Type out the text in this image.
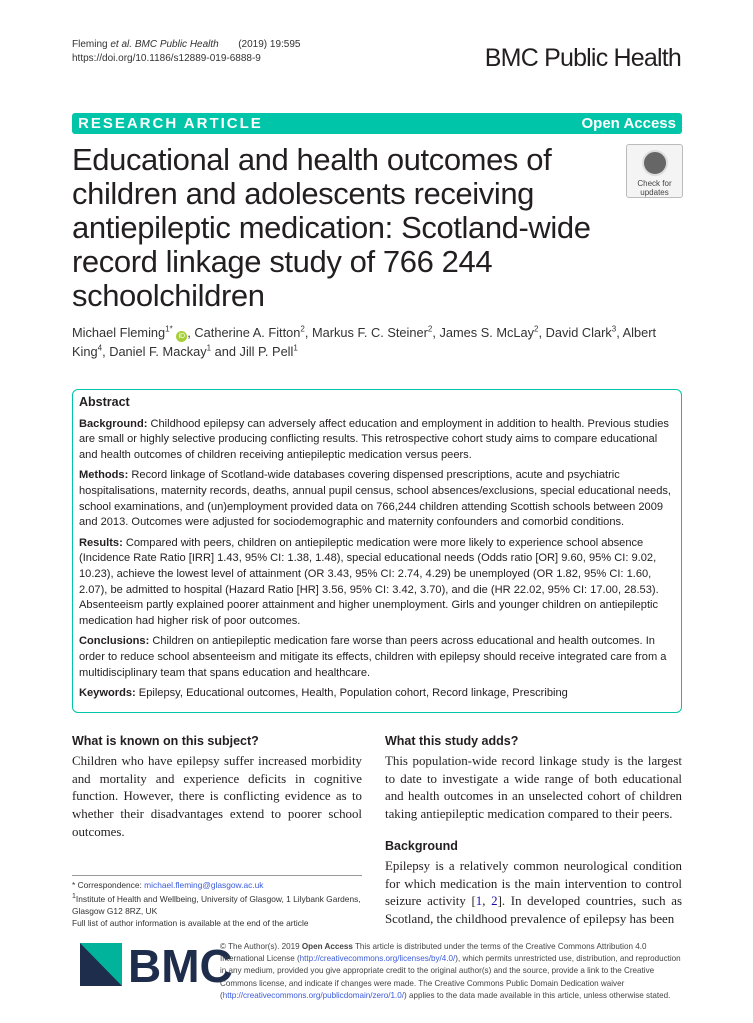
Fleming et al. BMC Public Health (2019) 19:595
https://doi.org/10.1186/s12889-019-6888-9	BMC Public Health
RESEARCH ARTICLE	Open Access
Check for
updates
Educational and health outcomes of children and adolescents receiving antiepileptic medication: Scotland-wide record linkage study of 766 244 schoolchildren
Michael Fleming$^{1*}$ iD , Catherine A. Fitton$^2$, Markus F. C. Steiner$^2$, James S. McLay$^2$, David Clark$^3$, Albert King$^4$, Daniel F. Mackay$^1$ and Jill P. Pell$^1$
Abstract

Background: Childhood epilepsy can adversely affect education and employment in addition to health. Previous studies are small or highly selective producing conflicting results. This retrospective cohort study aims to compare educational and health outcomes of children receiving antiepileptic medication versus peers.

Methods: Record linkage of Scotland-wide databases covering dispensed prescriptions, acute and psychiatric hospitalisations, maternity records, deaths, annual pupil census, school absences/exclusions, special educational needs, school examinations, and (un)employment provided data on 766,244 children attending Scottish schools between 2009 and 2013. Outcomes were adjusted for sociodemographic and maternity confounders and comorbid conditions.

Results: Compared with peers, children on antiepileptic medication were more likely to experience school absence (Incidence Rate Ratio [IRR] 1.43, 95% CI: 1.38, 1.48), special educational needs (Odds ratio [OR] 9.60, 95% CI: 9.02, 10.23), achieve the lowest level of attainment (OR 3.43, 95% CI: 2.74, 4.29) be unemployed (OR 1.82, 95% CI: 1.60, 2.07), be admitted to hospital (Hazard Ratio [HR] 3.56, 95% CI: 3.42, 3.70), and die (HR 22.02, 95% CI: 17.00, 28.53). Absenteeism partly explained poorer attainment and higher unemployment. Girls and younger children on antiepileptic medication had higher risk of poor outcomes.

Conclusions: Children on antiepileptic medication fare worse than peers across educational and health outcomes. In order to reduce school absenteeism and mitigate its effects, children with epilepsy should receive integrated care from a multidisciplinary team that spans education and healthcare.

Keywords: Epilepsy, Educational outcomes, Health, Population cohort, Record linkage, Prescribing

What is known on this subject?
Children who have epilepsy suffer increased morbidity and mortality and experience deficits in cognitive function. However, there is conflicting evidence as to whether their disadvantages extend to poorer school outcomes.
* Correspondence: michael.fleming@glasgow.ac.uk
$^1$Institute of Health and Wellbeing, University of Glasgow, 1 Lilybank Gardens, Glasgow G12 8RZ, UK
Full list of author information is available at the end of the article
What this study adds?
This population-wide record linkage study is the largest to date to investigate a wide range of both educational and health outcomes in an unselected cohort of children taking antiepileptic medication compared to their peers.
Background
Epilepsy is a relatively common neurological condition for which medication is the main intervention to control seizure activity [1, 2]. In developed countries, such as Scotland, the childhood prevalence of epilepsy has been
BMC
© The Author(s). 2019 Open Access This article is distributed under the terms of the Creative Commons Attribution 4.0 International License (http://creativecommons.org/licenses/by/4.0/), which permits unrestricted use, distribution, and reproduction in any medium, provided you give appropriate credit to the original author(s) and the source, provide a link to the Creative Commons license, and indicate if changes were made. The Creative Commons Public Domain Dedication waiver (http://creativecommons.org/publicdomain/zero/1.0/) applies to the data made available in this article, unless otherwise stated.
